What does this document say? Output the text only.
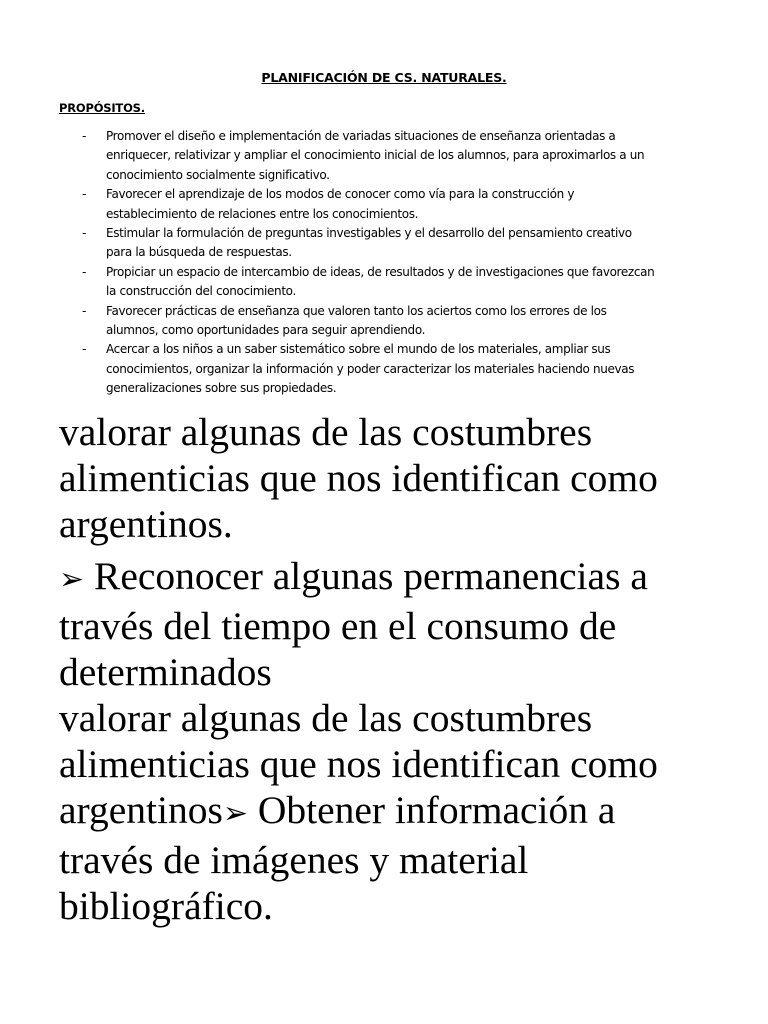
PLANIFICACIÓN DE CS. NATURALES.
PROPÓSITOS.
- Promover el diseño e implementación de variadas situaciones de enseñanza orientadas a
enriquecer, relativizar y ampliar el conocimiento inicial de los alumnos, para aproximarlos a un
conocimiento socialmente significativo.
- Favorecer el aprendizaje de los modos de conocer como vía para la construcción y
establecimiento de relaciones entre los conocimientos.
- Estimular la formulación de preguntas investigables y el desarrollo del pensamiento creativo
para la búsqueda de respuestas.
- Propiciar un espacio de intercambio de ideas, de resultados y de investigaciones que favorezcan
la construcción del conocimiento.
- Favorecer prácticas de enseñanza que valoren tanto los aciertos como los errores de los
alumnos, como oportunidades para seguir aprendiendo.
- Acercar a los niños a un saber sistemático sobre el mundo de los materiales, ampliar sus
conocimientos, organizar la información y poder caracterizar los materiales haciendo nuevas
generalizaciones sobre sus propiedades.
valorar algunas de las costumbres
alimenticias que nos identifican como
argentinos.
➢ Reconocer algunas permanencias a
través del tiempo en el consumo de
determinados
valorar algunas de las costumbres
alimenticias que nos identifican como
argentinos➢ Obtener información a
través de imágenes y material
bibliográfico.
